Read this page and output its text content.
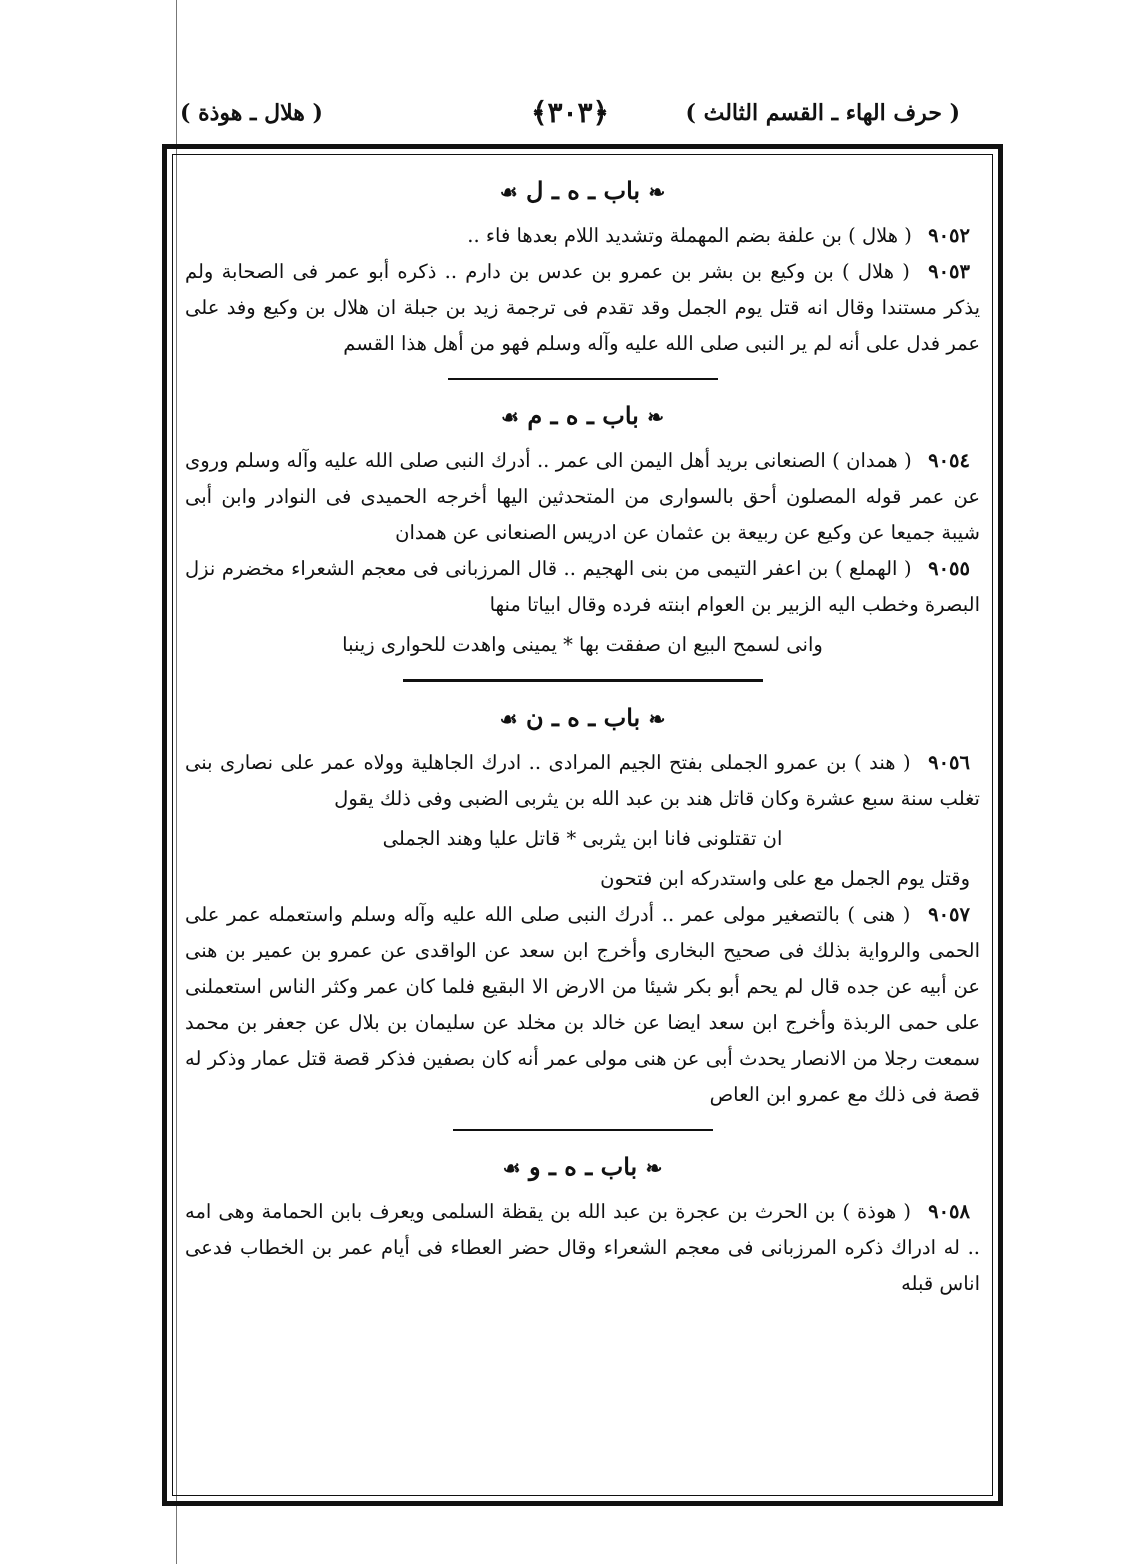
( حرف الهاء ـ القسم الثالث )
﴿٣٠٣﴾
( هلال ـ هوذة )
❧ باب ـ ه ـ ل ☙

٩٠٥٢ ( هلال ) بن علفة بضم المهملة وتشديد اللام بعدها فاء ..

٩٠٥٣ ( هلال ) بن وكيع بن بشر بن عمرو بن عدس بن دارم .. ذكره أبو عمر فى الصحابة ولم يذكر مستندا وقال انه قتل يوم الجمل وقد تقدم فى ترجمة زيد بن جبلة ان هلال بن وكيع وفد على عمر فدل على أنه لم ير النبى صلى الله عليه وآله وسلم فهو من أهل هذا القسم

❧ باب ـ ه ـ م ☙

٩٠٥٤ ( همدان ) الصنعانى بريد أهل اليمن الى عمر .. أدرك النبى صلى الله عليه وآله وسلم وروى عن عمر قوله المصلون أحق بالسوارى من المتحدثين اليها أخرجه الحميدى فى النوادر وابن أبى شيبة جميعا عن وكيع عن ربيعة بن عثمان عن ادريس الصنعانى عن همدان

٩٠٥٥ ( الهملع ) بن اعفر التيمى من بنى الهجيم .. قال المرزبانى فى معجم الشعراء مخضرم نزل البصرة وخطب اليه الزبير بن العوام ابنته فرده وقال ابياتا منها

وانى لسمح البيع ان صفقت بها * يمينى واهدت للحوارى زينبا

❧ باب ـ ه ـ ن ☙

٩٠٥٦ ( هند ) بن عمرو الجملى بفتح الجيم المرادى .. ادرك الجاهلية وولاه عمر على نصارى بنى تغلب سنة سبع عشرة وكان قاتل هند بن عبد الله بن يثربى الضبى وفى ذلك يقول

ان تقتلونى فانا ابن يثربى * قاتل عليا وهند الجملى

وقتل يوم الجمل مع على واستدركه ابن فتحون

٩٠٥٧ ( هنى ) بالتصغير مولى عمر .. أدرك النبى صلى الله عليه وآله وسلم واستعمله عمر على الحمى والرواية بذلك فى صحيح البخارى وأخرج ابن سعد عن الواقدى عن عمرو بن عمير بن هنى عن أبيه عن جده قال لم يحم أبو بكر شيئا من الارض الا البقيع فلما كان عمر وكثر الناس استعملنى على حمى الربذة وأخرج ابن سعد ايضا عن خالد بن مخلد عن سليمان بن بلال عن جعفر بن محمد سمعت رجلا من الانصار يحدث أبى عن هنى مولى عمر أنه كان بصفين فذكر قصة قتل عمار وذكر له قصة فى ذلك مع عمرو ابن العاص

❧ باب ـ ه ـ و ☙

٩٠٥٨ ( هوذة ) بن الحرث بن عجرة بن عبد الله بن يقظة السلمى ويعرف بابن الحمامة وهى امه .. له ادراك ذكره المرزبانى فى معجم الشعراء وقال حضر العطاء فى أيام عمر بن الخطاب فدعى اناس قبله
